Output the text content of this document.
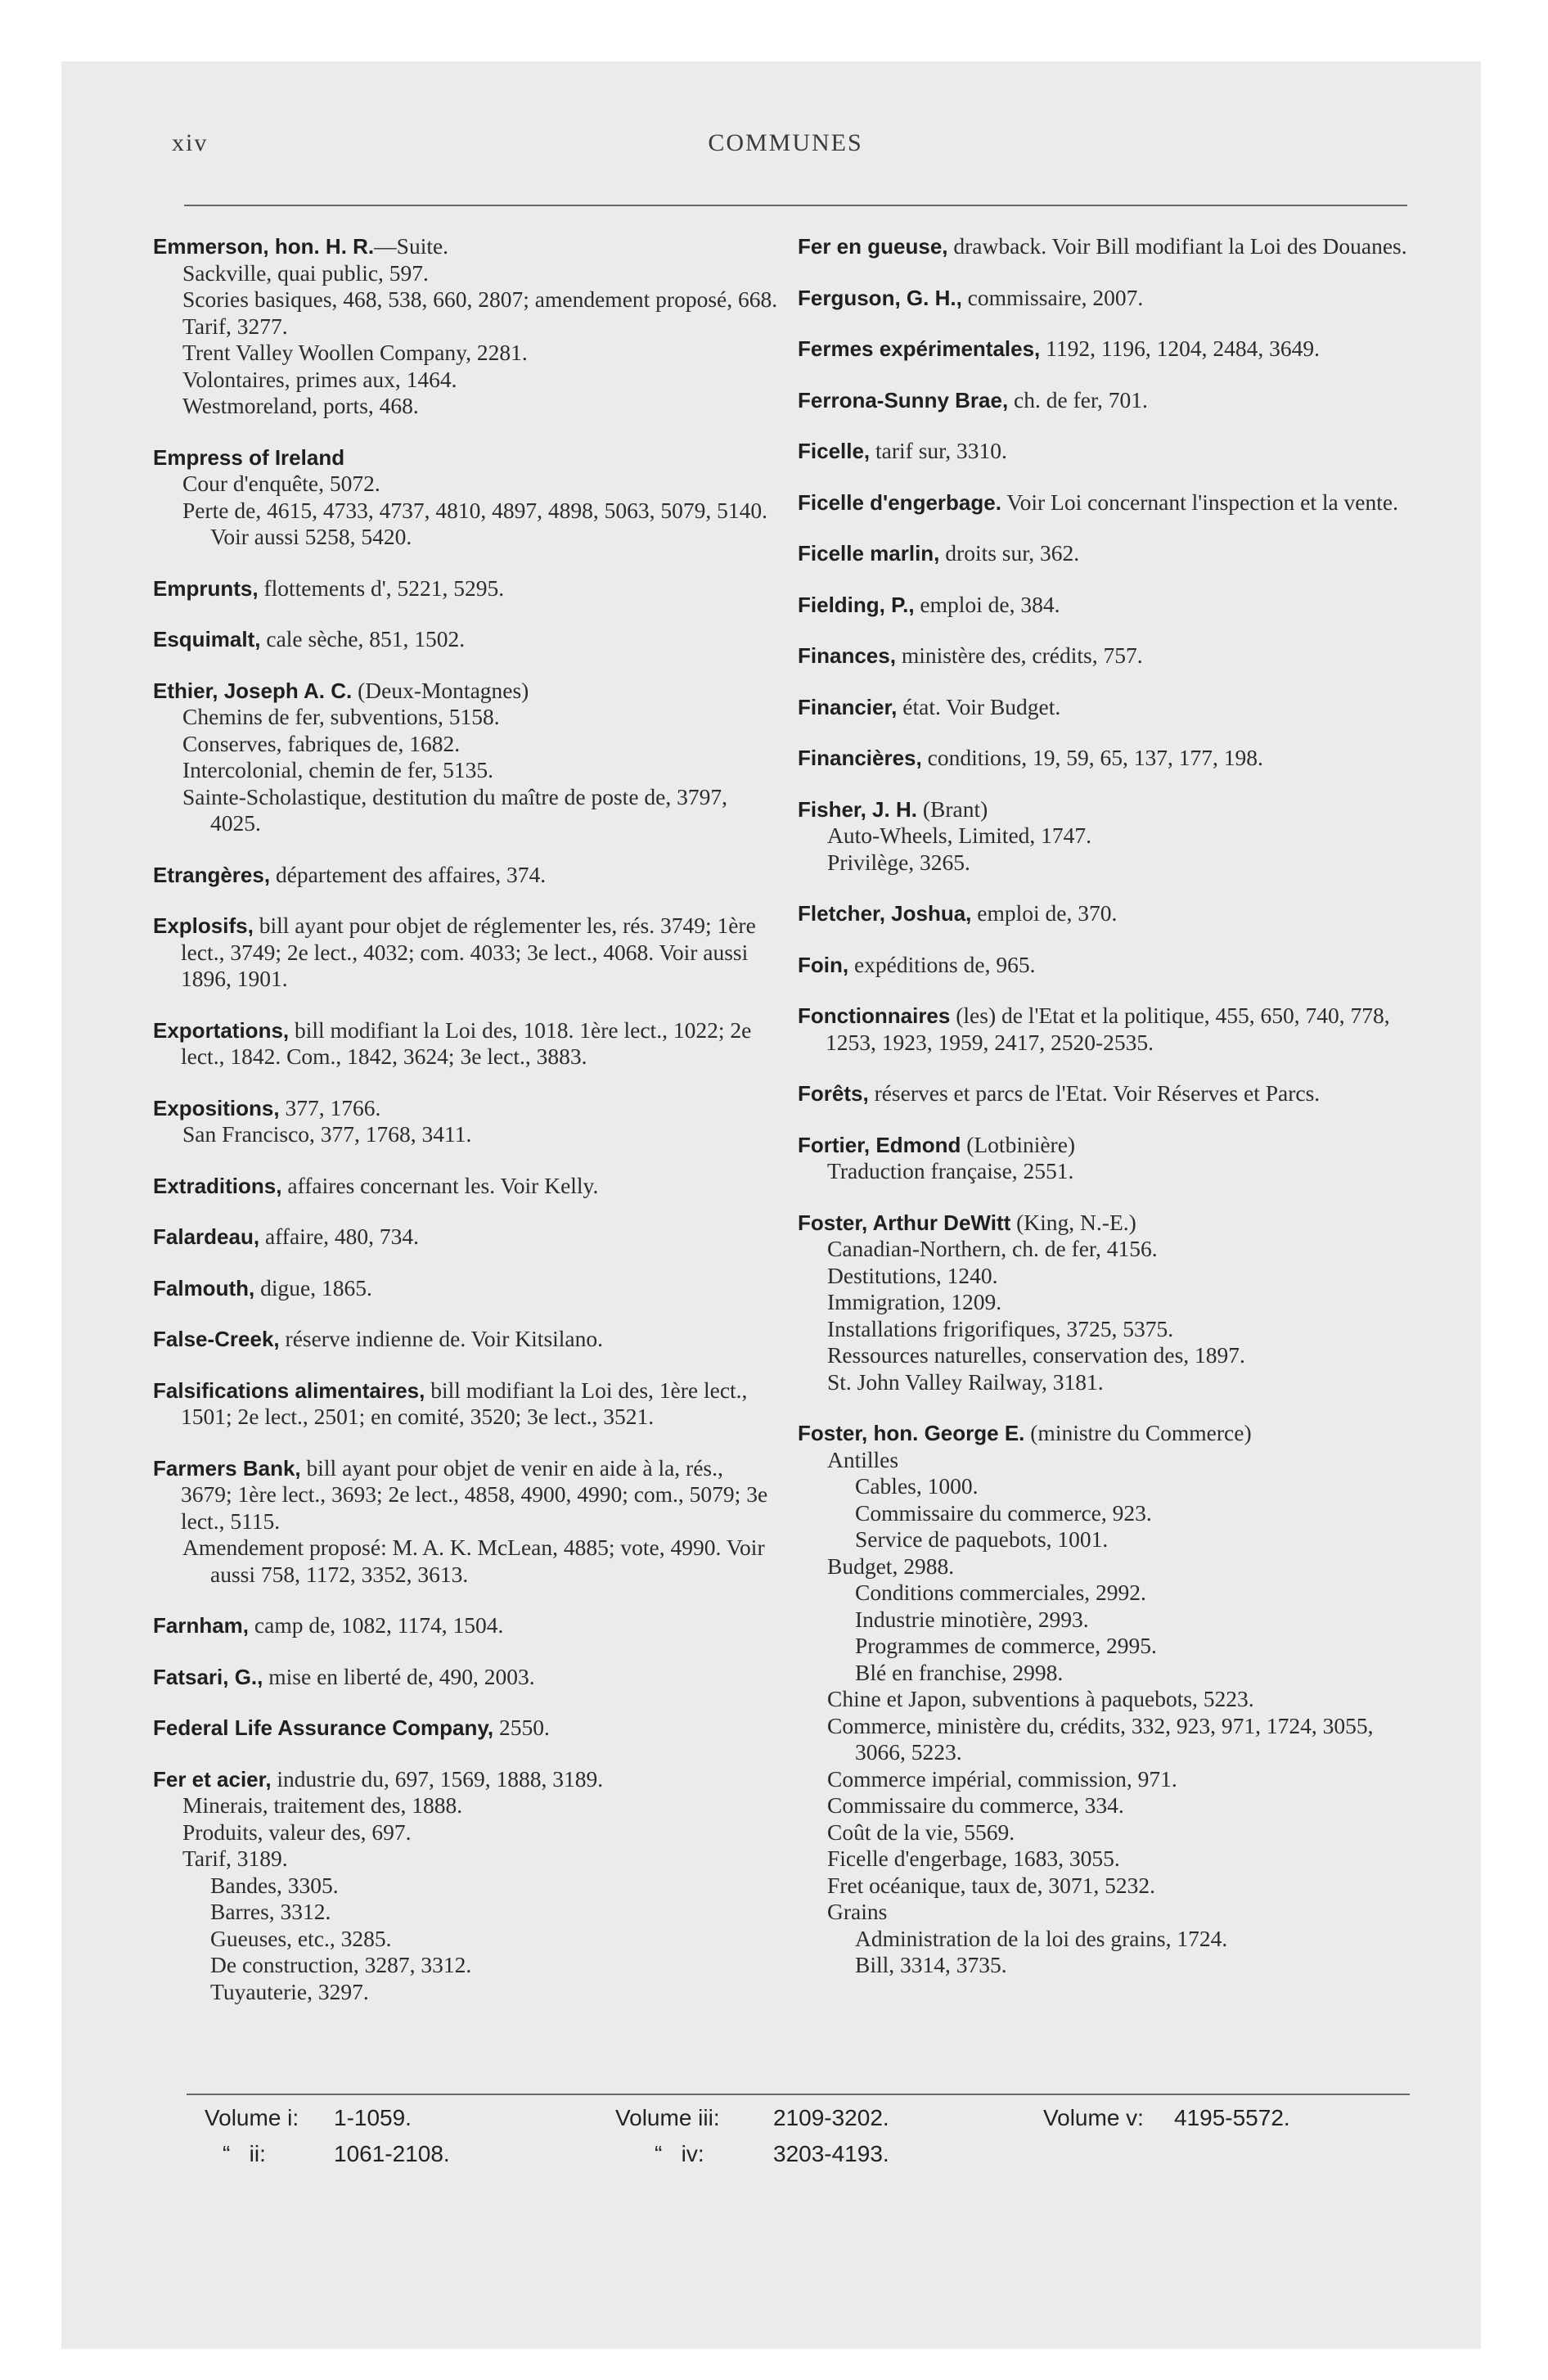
xiv	COMMUNES
Emmerson, hon. H. R.—Suite.
Sackville, quai public, 597.
Scories basiques, 468, 538, 660, 2807; amendement proposé, 668.
Tarif, 3277.
Trent Valley Woollen Company, 2281.
Volontaires, primes aux, 1464.
Westmoreland, ports, 468.
Empress of Ireland
Cour d'enquête, 5072.
Perte de, 4615, 4733, 4737, 4810, 4897, 4898, 5063, 5079, 5140. Voir aussi 5258, 5420.
Emprunts, flottements d', 5221, 5295.
Esquimalt, cale sèche, 851, 1502.
Ethier, Joseph A. C. (Deux-Montagnes)
Chemins de fer, subventions, 5158.
Conserves, fabriques de, 1682.
Intercolonial, chemin de fer, 5135.
Sainte-Scholastique, destitution du maître de poste de, 3797, 4025.
Etrangères, département des affaires, 374.
Explosifs, bill ayant pour objet de réglementer les, rés. 3749; 1ère lect., 3749; 2e lect., 4032; com. 4033; 3e lect., 4068. Voir aussi 1896, 1901.
Exportations, bill modifiant la Loi des, 1018. 1ère lect., 1022; 2e lect., 1842. Com., 1842, 3624; 3e lect., 3883.
Expositions, 377, 1766.
San Francisco, 377, 1768, 3411.
Extraditions, affaires concernant les. Voir Kelly.
Falardeau, affaire, 480, 734.
Falmouth, digue, 1865.
False-Creek, réserve indienne de. Voir Kitsilano.
Falsifications alimentaires, bill modifiant la Loi des, 1ère lect., 1501; 2e lect., 2501; en comité, 3520; 3e lect., 3521.
Farmers Bank, bill ayant pour objet de venir en aide à la, rés., 3679; 1ère lect., 3693; 2e lect., 4858, 4900, 4990; com., 5079; 3e lect., 5115.
Amendement proposé: M. A. K. McLean, 4885; vote, 4990. Voir aussi 758, 1172, 3352, 3613.
Farnham, camp de, 1082, 1174, 1504.
Fatsari, G., mise en liberté de, 490, 2003.
Federal Life Assurance Company, 2550.
Fer et acier, industrie du, 697, 1569, 1888, 3189.
Minerais, traitement des, 1888.
Produits, valeur des, 697.
Tarif, 3189.
Bandes, 3305.
Barres, 3312.
Gueuses, etc., 3285.
De construction, 3287, 3312.
Tuyauterie, 3297.
Fer en gueuse, drawback. Voir Bill modifiant la Loi des Douanes.
Ferguson, G. H., commissaire, 2007.
Fermes expérimentales, 1192, 1196, 1204, 2484, 3649.
Ferrona-Sunny Brae, ch. de fer, 701.
Ficelle, tarif sur, 3310.
Ficelle d'engerbage. Voir Loi concernant l'inspection et la vente.
Ficelle marlin, droits sur, 362.
Fielding, P., emploi de, 384.
Finances, ministère des, crédits, 757.
Financier, état. Voir Budget.
Financières, conditions, 19, 59, 65, 137, 177, 198.
Fisher, J. H. (Brant)
Auto-Wheels, Limited, 1747.
Privilège, 3265.
Fletcher, Joshua, emploi de, 370.
Foin, expéditions de, 965.
Fonctionnaires (les) de l'Etat et la politique, 455, 650, 740, 778, 1253, 1923, 1959, 2417, 2520-2535.
Forêts, réserves et parcs de l'Etat. Voir Réserves et Parcs.
Fortier, Edmond (Lotbinière)
Traduction française, 2551.
Foster, Arthur DeWitt (King, N.-E.)
Canadian-Northern, ch. de fer, 4156.
Destitutions, 1240.
Immigration, 1209.
Installations frigorifiques, 3725, 5375.
Ressources naturelles, conservation des, 1897.
St. John Valley Railway, 3181.
Foster, hon. George E. (ministre du Commerce)
Antilles
Cables, 1000.
Commissaire du commerce, 923.
Service de paquebots, 1001.
Budget, 2988.
Conditions commerciales, 2992.
Industrie minotière, 2993.
Programmes de commerce, 2995.
Blé en franchise, 2998.
Chine et Japon, subventions à paquebots, 5223.
Commerce, ministère du, crédits, 332, 923, 971, 1724, 3055, 3066, 5223.
Commerce impérial, commission, 971.
Commissaire du commerce, 334.
Coût de la vie, 5569.
Ficelle d'engerbage, 1683, 3055.
Fret océanique, taux de, 3071, 5232.
Grains
Administration de la loi des grains, 1724.
Bill, 3314, 3735.
Volume i: 1-1059.
“   ii:	1061-2108.
Volume iii: 2109-3202.
“   iv:	3203-4193.
Volume v: 4195-5572.
